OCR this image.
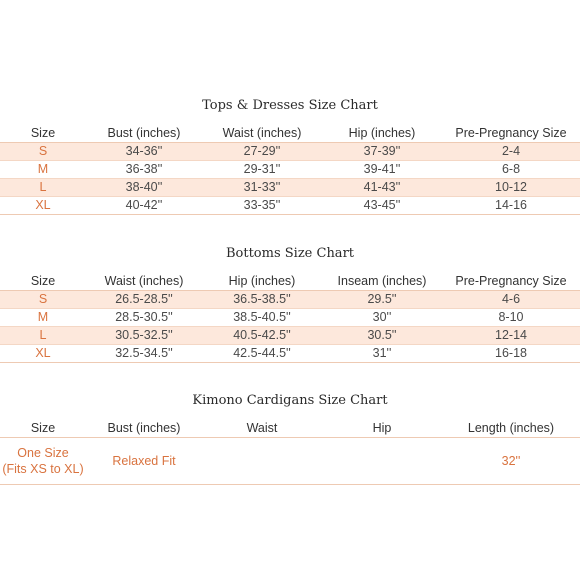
Tops & Dresses Size Chart
Size	Bust (inches)	Waist (inches)	Hip (inches)	Pre-Pregnancy Size
S	34-36''	27-29''	37-39''	2-4
M	36-38''	29-31''	39-41''	6-8
L	38-40''	31-33''	41-43''	10-12
XL	40-42''	33-35''	43-45''	14-16
Bottoms Size Chart
Size	Waist (inches)	Hip (inches)	Inseam (inches)	Pre-Pregnancy Size
S	26.5-28.5''	36.5-38.5''	29.5''	4-6
M	28.5-30.5''	38.5-40.5''	30''	8-10
L	30.5-32.5''	40.5-42.5''	30.5''	12-14
XL	32.5-34.5''	42.5-44.5''	31''	16-18
Kimono Cardigans Size Chart
Size	Bust (inches)	Waist	Hip	Length (inches)
One Size
(Fits XS to XL)	Relaxed Fit			32''
